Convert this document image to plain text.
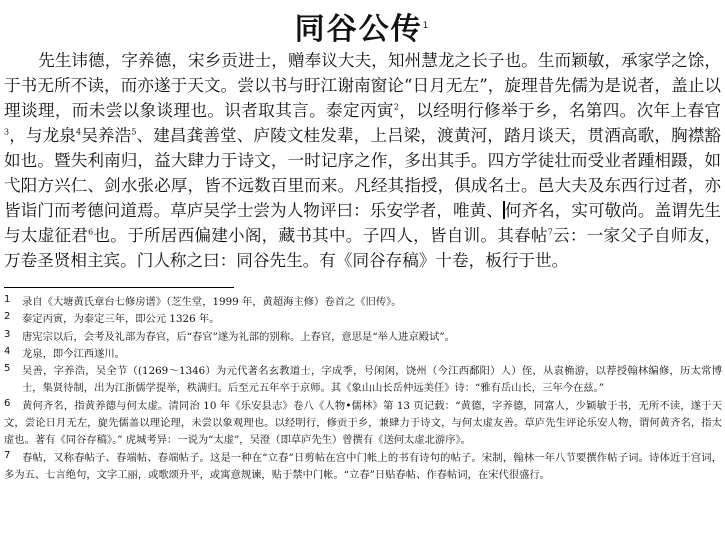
同谷公传$^1$
先生讳德，字养德，宋乡贡进士，赠奉议大夫，知州慧龙之长子也。生而颖敏，承家学之馀，于书无所不读，而亦遂于天文。尝以书与盱江谢南窗论“日月无左”，旋理昔先儒为是说者，盖止以理谈理，而未尝以象谈理也。识者取其言。泰定丙寅$^2$，以经明行修举于乡，名第四。次年上春官$^3$，与龙泉$^4$吴养浩$^5$、建昌龚善堂、庐陵文桂发辈，上吕梁，渡黄河，踏月谈天，贯酒高歌，胸襟豁如也。暨失利南归，益大肆力于诗文，一时记序之作，多出其手。四方学徒壮而受业者踵相蹑，如弋阳方兴仁、剑水张必厚，皆不远数百里而来。凡经其指授，俱成名士。邑大夫及东西行过者，亦皆诣门而考德问道焉。草庐吴学士尝为人物评曰：乐安学者，唯黄、 何齐名，实可敬尚。盖谓先生与太虚征君$^6$也。于所居西偏建小阁，藏书其中。子四人，皆自训。其春帖$^7$云：一家父子自师友，万卷圣贤相主宾。门人称之曰：同谷先生。有《同谷存稿》十卷，板行于世。
1 录自《大塘黄氏章台七修房谱》（芝生堂，1999 年，黄超海主修）卷首之《旧传》。
2 泰定丙寅，为泰定三年，即公元 1326 年。
3 唐宪宗以后，会考及礼部为春官，后“春官”遂为礼部的别称。上春官，意思是“举人进京殿试”。
4 龙泉，即今江西遂川。
5 吴善，字养浩，吴全节（(1269～1346）为元代著名玄教道士，字成季，号闲闲，饶州（今江西鄱阳）人）侄，从袁桷游，以荐授翰林编修，历太常博士，集贤待制，出为江浙儒学提举，秩满归。后至元五年卒于京师。其《象山山长岳仲远美任》诗：“雅有岳山长，三年今在兹。”
6 黄何齐名，指黄养德与何太虚。清同治 10 年《乐安县志》卷八《人物•儒林》第 13 页记载：“黄德，字养德，同富人，少颖敏于书，无所不读，遂于天文，尝论日月无左，旋先儒盖以理论理，未尝以象观理也。以经明行，修贡于乡，兼肆力于诗文，与何太虚友善。草庐先生评论乐安人物，谓何黄齐名，指太虚也。著有《同谷存稿》。” 虎城考异：一说为“太虚”，吴澄（即草庐先生）曾撰有《送何太虚北游序》。
7 春帖，又称春帖子、春端帖、春端帖子。这是一种在“立春”日剪帖在宫中门帐上的书有诗句的帖子。宋制，翰林一年八节要撰作帖子词。诗体近于宫词，多为五、七言绝句，文字工丽，或歌颂升平，或寓意规谏，贴于禁中门帐。“立春”日贴春帖、作春帖词，在宋代很盛行。
